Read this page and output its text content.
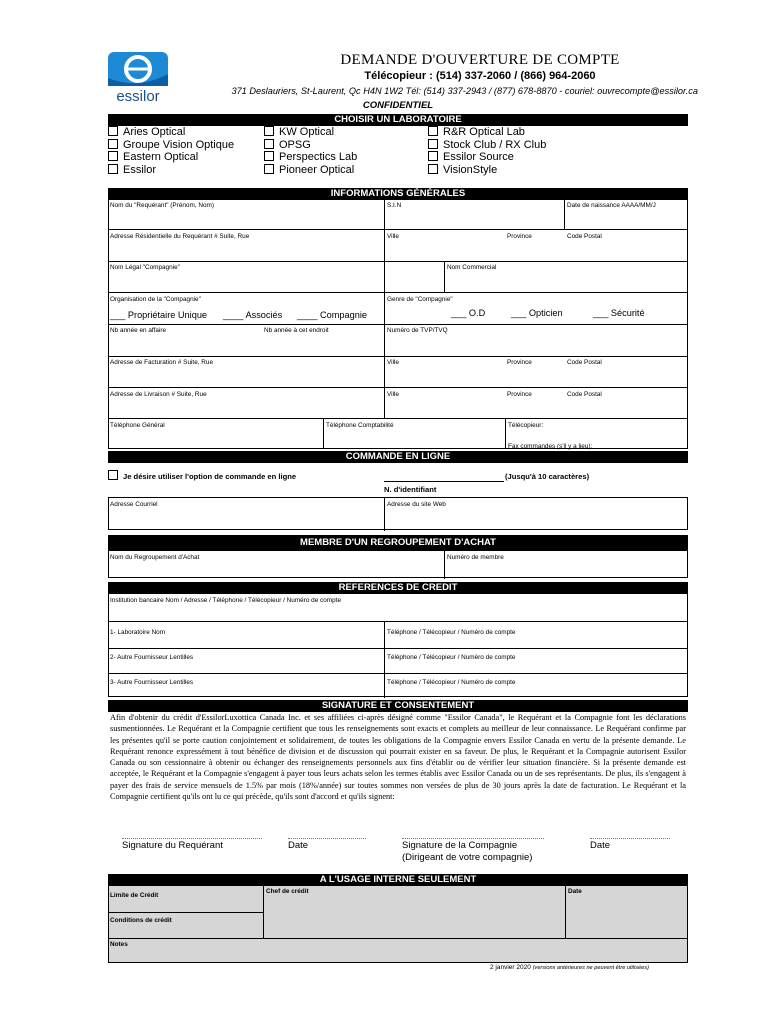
essilor
DEMANDE D'OUVERTURE DE COMPTE
Télécopieur : (514) 337-2060 / (866) 964-2060
371 Deslauriers, St-Laurent, Qc H4N 1W2 Tél: (514) 337-2943 / (877) 678-8870 - couriel: ouvrecompte@essilor.ca
CONFIDENTIEL
CHOISIR UN LABORATOIRE
Aries Optical
Groupe Vision Optique
Eastern Optical
Essilor
KW Optical
OPSG
Perspectics Lab
Pioneer Optical
R&R Optical Lab
Stock Club / RX Club
Essilor Source
VisionStyle
INFORMATIONS GÉNÉRALES
Nom du "Requérant" (Prénom, Nom)	S.I.N	Date de naissance AAAA/MM/J
Adresse Résidentielle du Requérant # Suite, Rue	Ville	Province	Code Postal
Nom Légal "Compagnie"	Nom Commercial
Organisation de la "Compagnie"	Genre de "Compagnie"
___ Propriétaire Unique ____ Associés ____ Compagnie	___ O.D	___ Opticien	___ Sécurité
Nb année en affaire	Nb année à cet endroit	Numéro de TVP/TVQ
Adresse de Facturation # Suite, Rue	Ville	Province	Code Postal
Adresse de Livraison # Suite, Rue	Ville	Province	Code Postal
Téléphone Général	Téléphone Comptabilité	Télécopieur:
Fax commandes (s'il y a lieu):
COMMANDE EN LIGNE
Je désire utiliser l'option de commande en ligne	(Jusqu'à 10 caractères)
N. d'identifiant
Adresse Courriel	Adresse du site Web
MEMBRE D'UN REGROUPEMENT D'ACHAT
Nom du Regroupement d'Achat	Numéro de membre
REFERENCES DE CREDIT
Institution bancaire Nom / Adresse / Téléphone / Télécopieur / Numéro de compte
1- Laboratoire Nom	Téléphone / Télécopieur / Numéro de compte
2- Autre Fournisseur Lentilles	Téléphone / Télécopieur / Numéro de compte
3- Autre Fournisseur Lentilles	Téléphone / Télécopieur / Numéro de compte
SIGNATURE ET CONSENTEMENT
Afin d'obtenir du crédit d'EssilorLuxottica Canada Inc. et ses affiliées ci-après désigné comme "Essilor Canada", le Requérant et la Compagnie font les déclarations susmentionnées. Le Requérant et la Compagnie certifient que tous les renseignements sont exacts et complets au meilleur de leur connaissance. Le Requérant confirme par les présentes qu'il se porte caution conjointement et solidairement, de toutes les obligations de la Compagnie envers Essilor Canada en vertu de la présente demande. Le Requérant renonce expressément à tout bénéfice de division et de discussion qui pourrait exister en sa faveur. De plus, le Requérant et la Compagnie autorisent Essilor Canada ou son cessionnaire à obtenir ou échanger des renseignements personnels aux fins d'établir ou de vérifier leur situation financière. Si la présente demande est acceptée, le Requérant et la Compagnie s'engagent à payer tous leurs achats selon les termes établis avec Essilor Canada ou un de ses représentants. De plus, ils s'engagent à payer des frais de service mensuels de 1.5% par mois (18%/année) sur toutes sommes non versées de plus de 30 jours après la date de facturation. Le Requérant et la Compagnie certifient qu'ils ont lu ce qui précède, qu'ils sont d'accord et qu'ils signent:
Signature du Requérant	Date	Signature de la Compagnie
(Dirigeant de votre compagnie)
Date
A L'USAGE INTERNE SEULEMENT
Limite de Crédit
Chef de crédit	Date
Conditions de crédit
Notes
2 janvier 2020 (versions antérieures ne peuvent être utilisées)
